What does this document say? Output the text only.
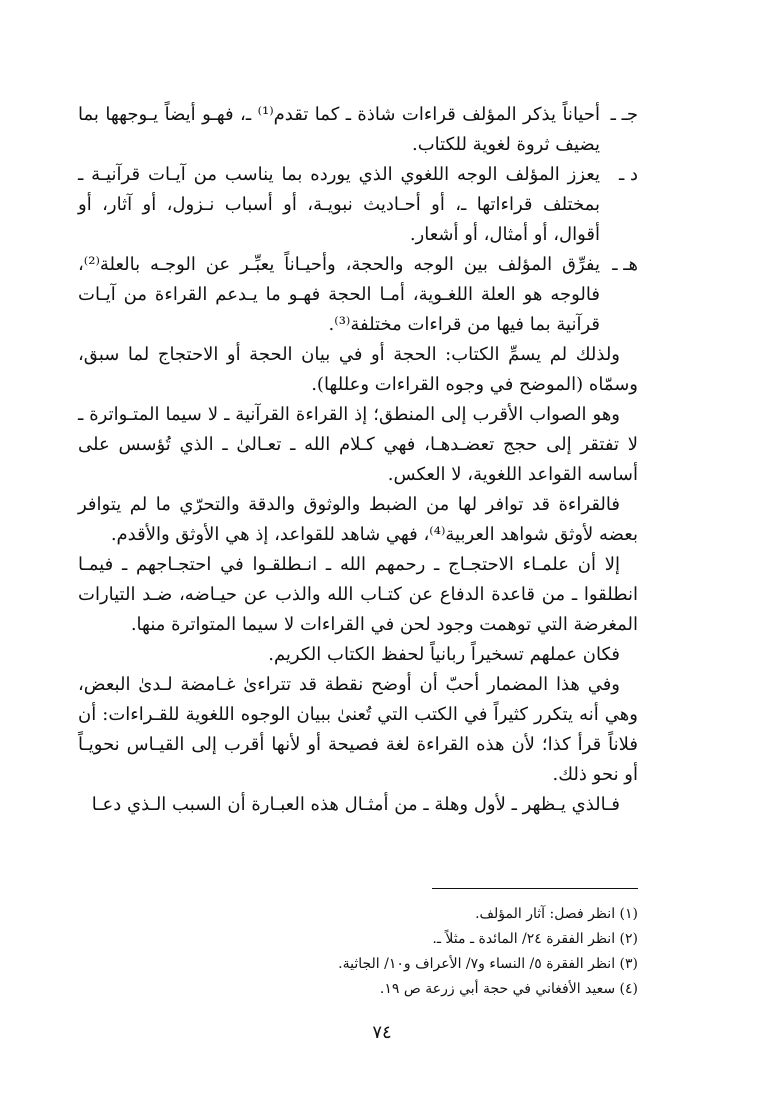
جـ ـ
أحياناً يذكر المؤلف قراءات شاذة ـ كما تقدم⁽¹⁾ ـ، فهـو أيضاً يـوجهها بما يضيف ثروة لغوية للكتاب.
د ـ
يعزز المؤلف الوجه اللغوي الذي يورده بما يناسب من آيـات قرآنيـة ـ بمختلف قراءاتها ـ، أو أحـاديث نبويـة، أو أسباب نـزول، أو آثار، أو أقوال، أو أمثال، أو أشعار.
هـ ـ
يفرِّق المؤلف بين الوجه والحجة، وأحيـاناً يعبِّـر عن الوجـه بالعلة⁽²⁾، فالوجه هو العلة اللغـوية، أمـا الحجة فهـو ما يـدعم القراءة من آيـات قرآنية بما فيها من قراءات مختلفة⁽³⁾.

ولذلك لم يسمِّ الكتاب: الحجة أو في بيان الحجة أو الاحتجاج لما سبق، وسمّاه (الموضح في وجوه القراءات وعللها).

وهو الصواب الأقرب إلى المنطق؛ إذ القراءة القرآنية ـ لا سيما المتـواترة ـ لا تفتقر إلى حجج تعضـدهـا، فهي كـلام الله ـ تعـالىٰ ـ الذي تُؤسس على أساسه القواعد اللغوية، لا العكس.

فالقراءة قد توافر لها من الضبط والوثوق والدقة والتحرّي ما لم يتوافر بعضه لأوثق شواهد العربية⁽⁴⁾، فهي شاهد للقواعد، إذ هي الأوثق والأقدم.

إلا أن علمـاء الاحتجـاج ـ رحمهم الله ـ انـطلقـوا في احتجـاجهم ـ فيمـا انطلقوا ـ من قاعدة الدفاع عن كتـاب الله والذب عن حيـاضه، ضـد التيارات المغرضة التي توهمت وجود لحن في القراءات لا سيما المتواترة منها.

فكان عملهم تسخيراً ربانياً لحفظ الكتاب الكريم.

وفي هذا المضمار أحبّ أن أوضح نقطة قد تتراءىٰ غـامضة لـدىٰ البعض، وهي أنه يتكرر كثيراً في الكتب التي تُعنىٰ ببيان الوجوه اللغوية للقـراءات: أن فلاناً قرأ كذا؛ لأن هذه القراءة لغة فصيحة أو لأنها أقرب إلى القيـاس نحويـاً أو نحو ذلك.

فـالذي يـظهر ـ لأول وهلة ـ من أمثـال هذه العبـارة أن السبب الـذي دعـا

(١) انظر فصل: آثار المؤلف.
(٢) انظر الفقرة ٢٤/ المائدة ـ مثلاً ـ.
(٣) انظر الفقرة ٥/ النساء و٧/ الأعراف و١٠/ الجاثية.
(٤) سعيد الأفغاني في حجة أبي زرعة ص ١٩.
٧٤
